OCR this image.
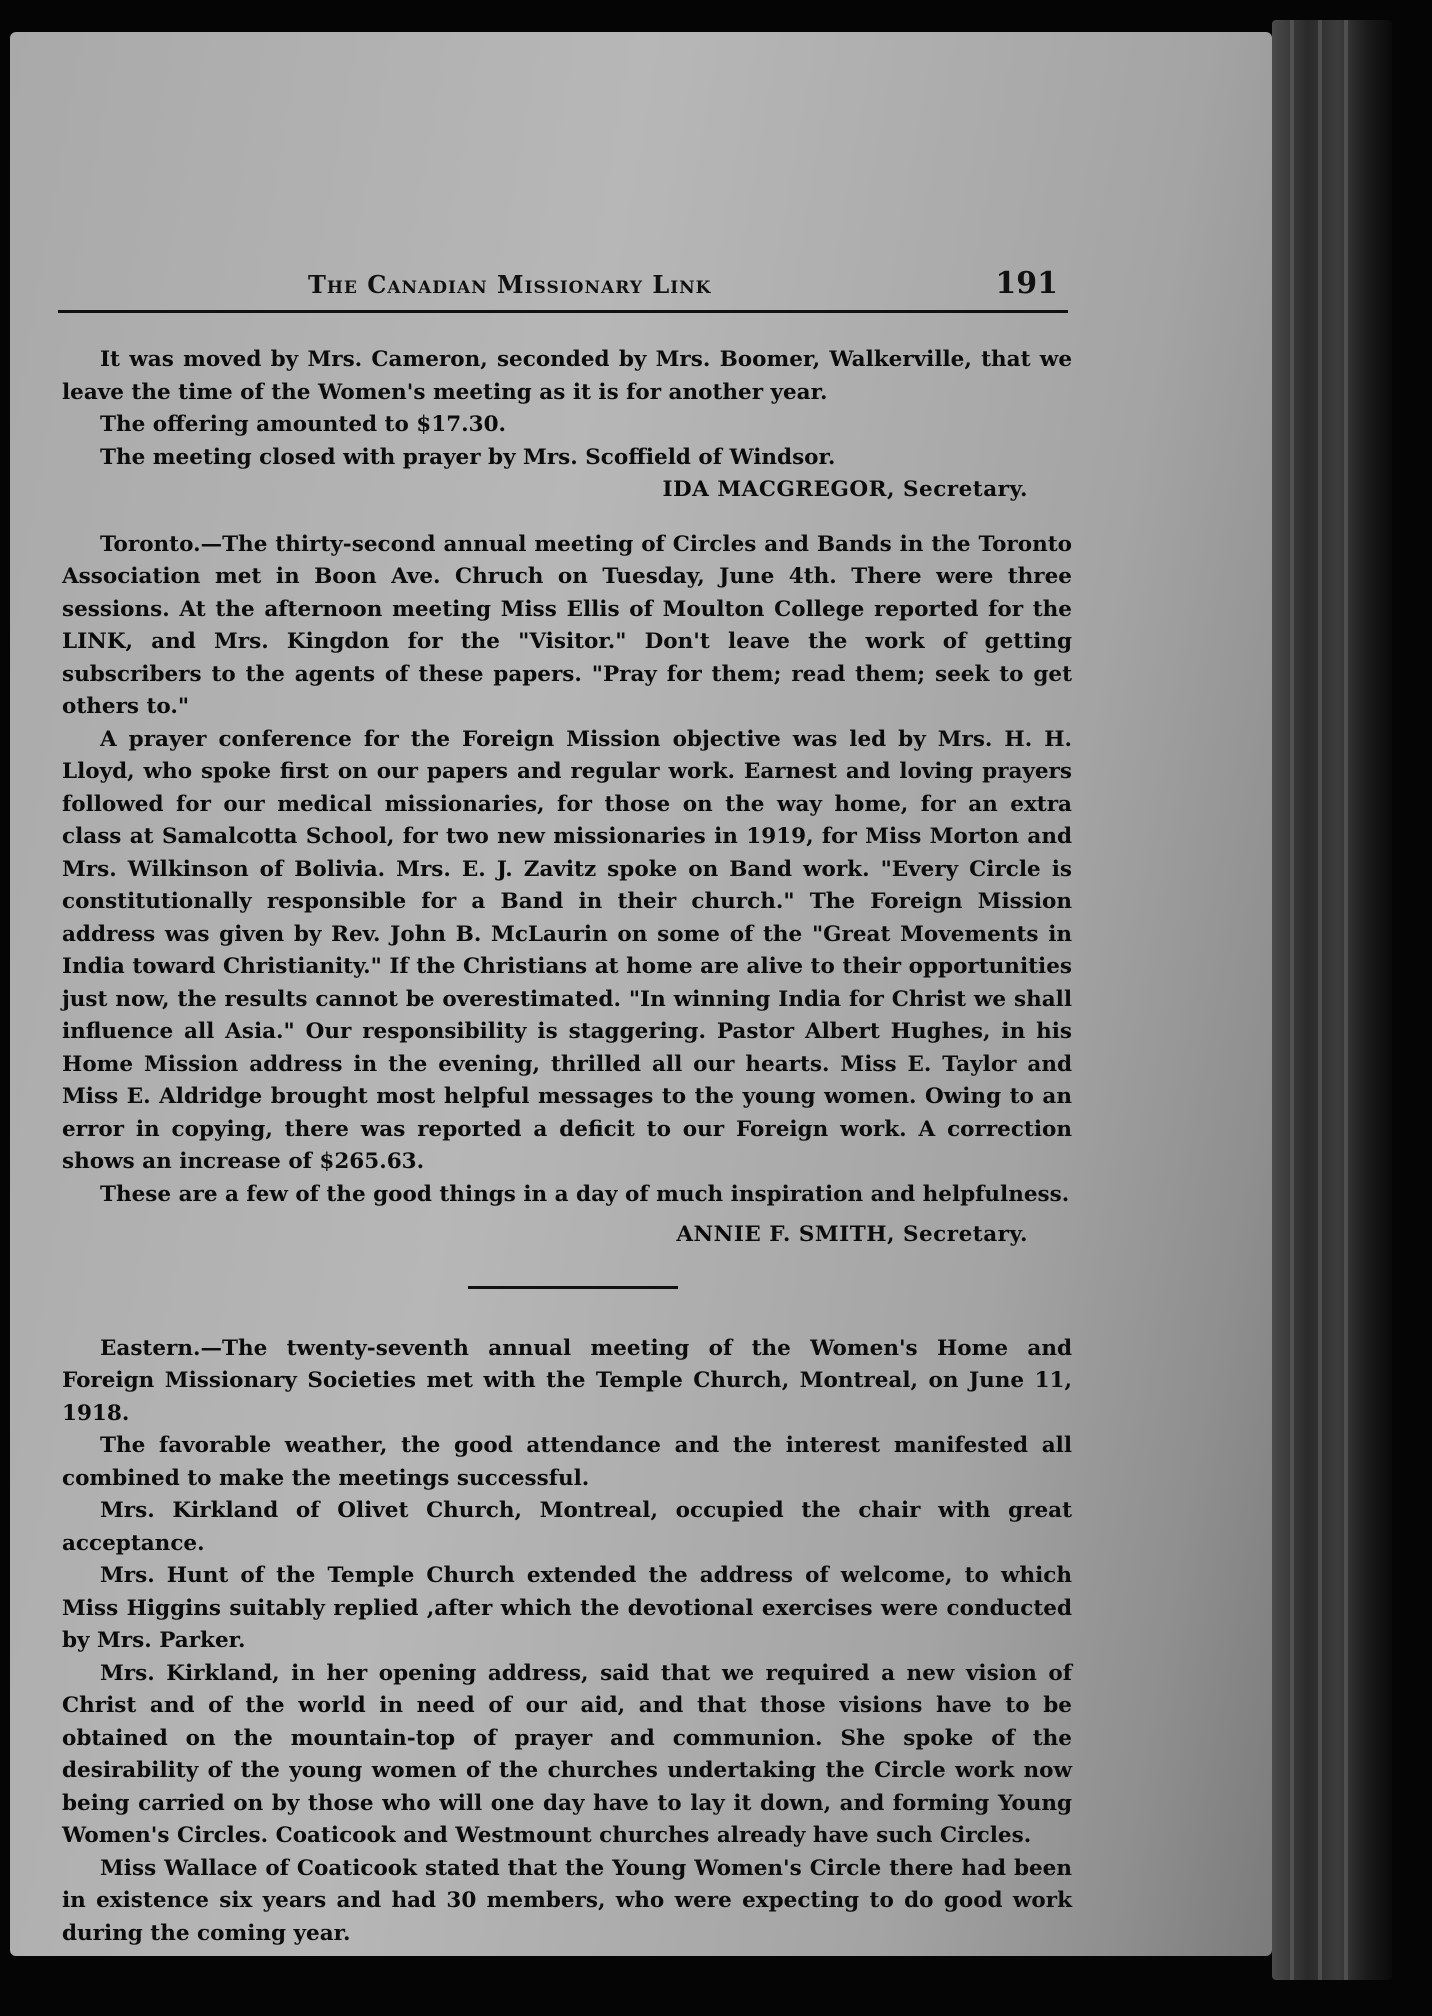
The Canadian Missionary Link	191

It was moved by Mrs. Cameron, seconded by Mrs. Boomer, Walkerville, that we leave the time of the Women's meeting as it is for another year.

The offering amounted to $17.30.

The meeting closed with prayer by Mrs. Scoffield of Windsor.

IDA MACGREGOR, Secretary.

Toronto.—The thirty-second annual meeting of Circles and Bands in the Toronto Association met in Boon Ave. Chruch on Tuesday, June 4th. There were three sessions. At the afternoon meeting Miss Ellis of Moulton College reported for the LINK, and Mrs. Kingdon for the "Visitor." Don't leave the work of getting subscribers to the agents of these papers. "Pray for them; read them; seek to get others to."

A prayer conference for the Foreign Mission objective was led by Mrs. H. H. Lloyd, who spoke first on our papers and regular work. Earnest and loving prayers followed for our medical missionaries, for those on the way home, for an extra class at Samalcotta School, for two new missionaries in 1919, for Miss Morton and Mrs. Wilkinson of Bolivia. Mrs. E. J. Zavitz spoke on Band work. "Every Circle is constitutionally responsible for a Band in their church." The Foreign Mission address was given by Rev. John B. McLaurin on some of the "Great Movements in India toward Christianity." If the Christians at home are alive to their opportunities just now, the results cannot be overestimated. "In winning India for Christ we shall influence all Asia." Our responsibility is staggering. Pastor Albert Hughes, in his Home Mission address in the evening, thrilled all our hearts. Miss E. Taylor and Miss E. Aldridge brought most helpful messages to the young women. Owing to an error in copying, there was reported a deficit to our Foreign work. A correction shows an increase of $265.63.

These are a few of the good things in a day of much inspiration and helpfulness.

ANNIE F. SMITH, Secretary.

Eastern.—The twenty-seventh annual meeting of the Women's Home and Foreign Missionary Societies met with the Temple Church, Montreal, on June 11, 1918.

The favorable weather, the good attendance and the interest manifested all combined to make the meetings successful.

Mrs. Kirkland of Olivet Church, Montreal, occupied the chair with great acceptance.

Mrs. Hunt of the Temple Church extended the address of welcome, to which Miss Higgins suitably replied ,after which the devotional exercises were conducted by Mrs. Parker.

Mrs. Kirkland, in her opening address, said that we required a new vision of Christ and of the world in need of our aid, and that those visions have to be obtained on the mountain-top of prayer and communion. She spoke of the desirability of the young women of the churches undertaking the Circle work now being carried on by those who will one day have to lay it down, and forming Young Women's Circles. Coaticook and Westmount churches already have such Circles.

Miss Wallace of Coaticook stated that the Young Women's Circle there had been in existence six years and had 30 members, who were expecting to do good work during the coming year.
